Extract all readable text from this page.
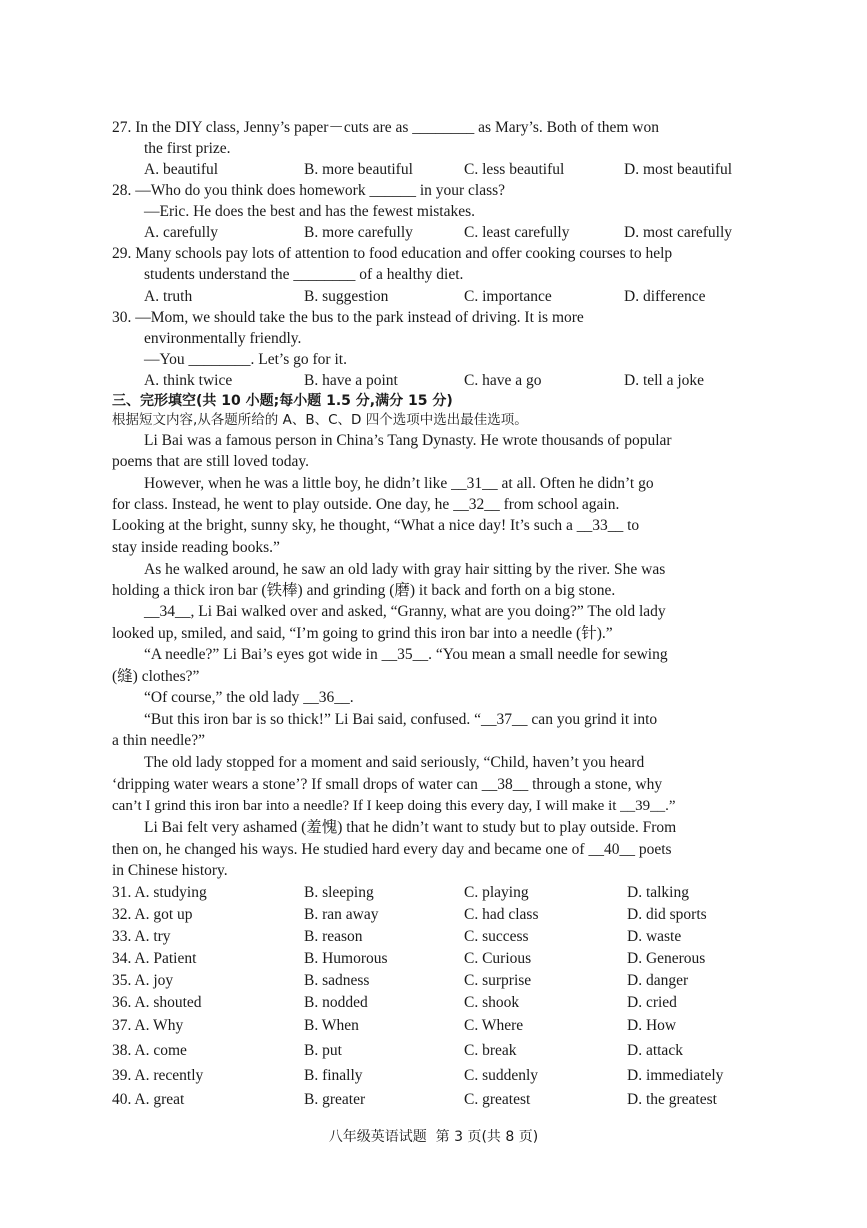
27. In the DIY class, Jenny’s paper－cuts are as ________ as Mary’s. Both of them won
the first prize.
A. beautiful	B. more beautiful	C. less beautiful	D. most beautiful
28. —Who do you think does homework ______ in your class?
—Eric. He does the best and has the fewest mistakes.
A. carefully	B. more carefully	C. least carefully	D. most carefully
29. Many schools pay lots of attention to food education and offer cooking courses to help
students understand the ________ of a healthy diet.
A. truth	B. suggestion	C. importance	D. difference
30. —Mom, we should take the bus to the park instead of driving. It is more
environmentally friendly.
—You ________. Let’s go for it.
A. think twice	B. have a point	C. have a go	D. tell a joke
三、完形填空(共 10 小题;每小题 1.5 分,满分 15 分)
根据短文内容,从各题所给的 A、B、C、D 四个选项中选出最佳选项。
Li Bai was a famous person in China’s Tang Dynasty. He wrote thousands of popular
poems that are still loved today.
However, when he was a little boy, he didn’t like __31__ at all. Often he didn’t go
for class. Instead, he went to play outside. One day, he __32__ from school again.
Looking at the bright, sunny sky, he thought, “What a nice day! It’s such a __33__ to
stay inside reading books.”
As he walked around, he saw an old lady with gray hair sitting by the river. She was
holding a thick iron bar (铁棒) and grinding (磨) it back and forth on a big stone.
__34__, Li Bai walked over and asked, “Granny, what are you doing?” The old lady
looked up, smiled, and said, “I’m going to grind this iron bar into a needle (针).”
“A needle?” Li Bai’s eyes got wide in __35__. “You mean a small needle for sewing
(缝) clothes?”
“Of course,” the old lady __36__.
“But this iron bar is so thick!” Li Bai said, confused. “__37__ can you grind it into
a thin needle?”
The old lady stopped for a moment and said seriously, “Child, haven’t you heard
‘dripping water wears a stone’? If small drops of water can __38__ through a stone, why
can’t I grind this iron bar into a needle? If I keep doing this every day, I will make it __39__.”
Li Bai felt very ashamed (羞愧) that he didn’t want to study but to play outside. From
then on, he changed his ways. He studied hard every day and became one of __40__ poets
in Chinese history.
31. A. studying	B. sleeping	C. playing	D. talking
32. A. got up	B. ran away	C. had class	D. did sports
33. A. try	B. reason	C. success	D. waste
34. A. Patient	B. Humorous	C. Curious	D. Generous
35. A. joy	B. sadness	C. surprise	D. danger
36. A. shouted	B. nodded	C. shook	D. cried
37. A. Why	B. When	C. Where	D. How
38. A. come	B. put	C. break	D. attack
39. A. recently	B. finally	C. suddenly	D. immediately
40. A. great	B. greater	C. greatest	D. the greatest
八年级英语试题  第 3 页(共 8 页)
